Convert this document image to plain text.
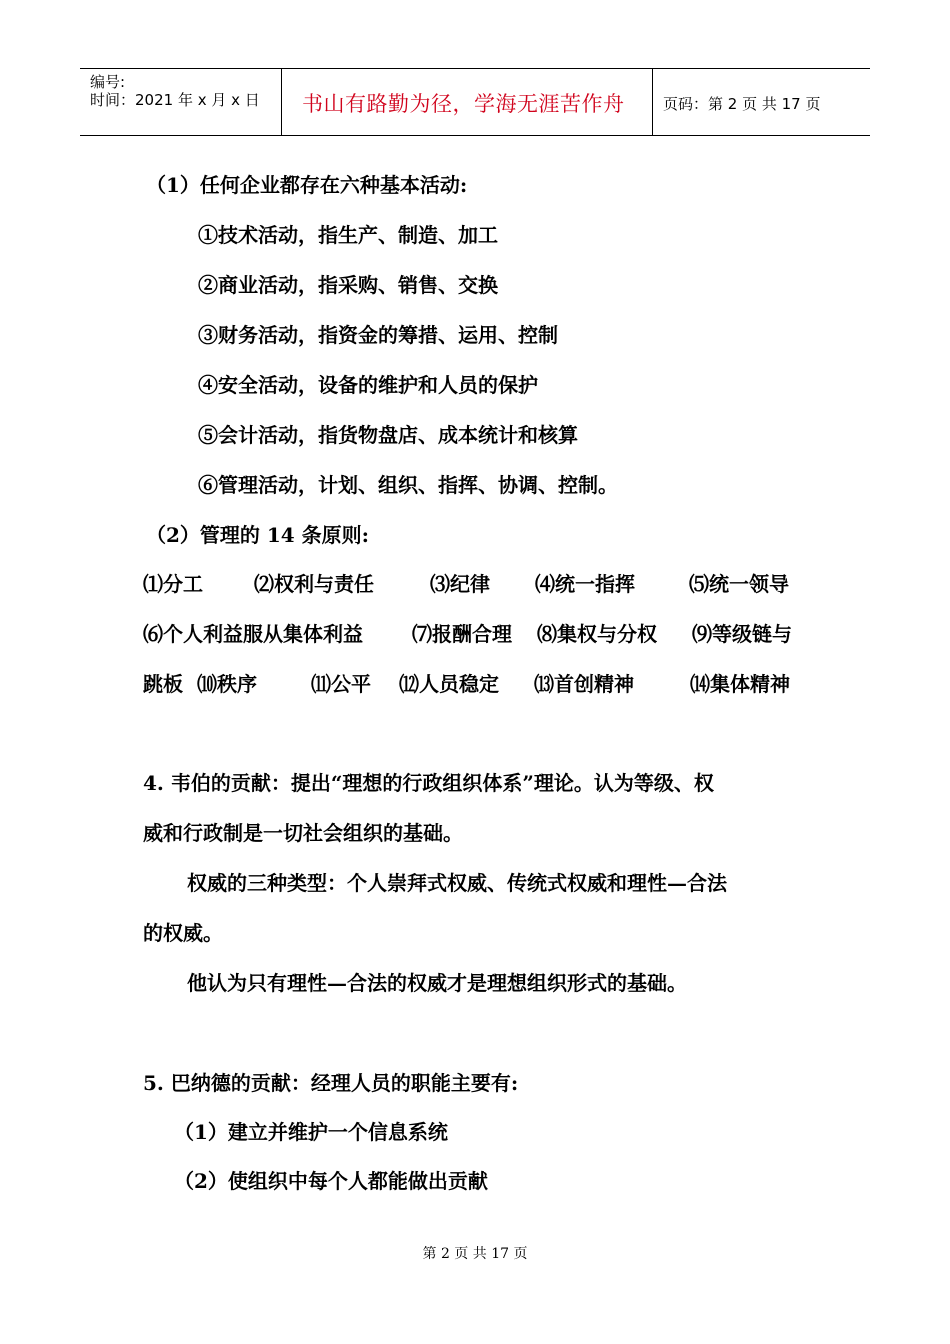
编号:
时间：2021 年 x 月 x 日 书山有路勤为径，学海无涯苦作舟	页码：第 2 页 共 17 页
（1）任何企业都存在六种基本活动:
①技术活动，指生产、制造、加工
②商业活动，指采购、销售、交换
③财务活动，指资金的筹措、运用、控制
④安全活动，设备的维护和人员的保护
⑤会计活动，指货物盘店、成本统计和核算
⑥管理活动，计划、组织、指挥、协调、控制。
（2）管理的 14 条原则:
⑴分工	⑵权利与责任	⑶纪律 ⑷统一指挥	⑸统一领导
⑹个人利益服从集体利益 ⑺报酬合理 ⑻集权与分权 ⑼等级链与
跳板 ⑽秩序	⑾公平 ⑿人员稳定 ⒀首创精神	⒁集体精神
4. 韦伯的贡献：提出“理想的行政组织体系”理论。认为等级、权
威和行政制是一切社会组织的基础。
权威的三种类型：个人崇拜式权威、传统式权威和理性—合法
的权威。
他认为只有理性—合法的权威才是理想组织形式的基础。
5. 巴纳德的贡献：经理人员的职能主要有:
（1）建立并维护一个信息系统
（2）使组织中每个人都能做出贡献
第 2 页 共 17 页
